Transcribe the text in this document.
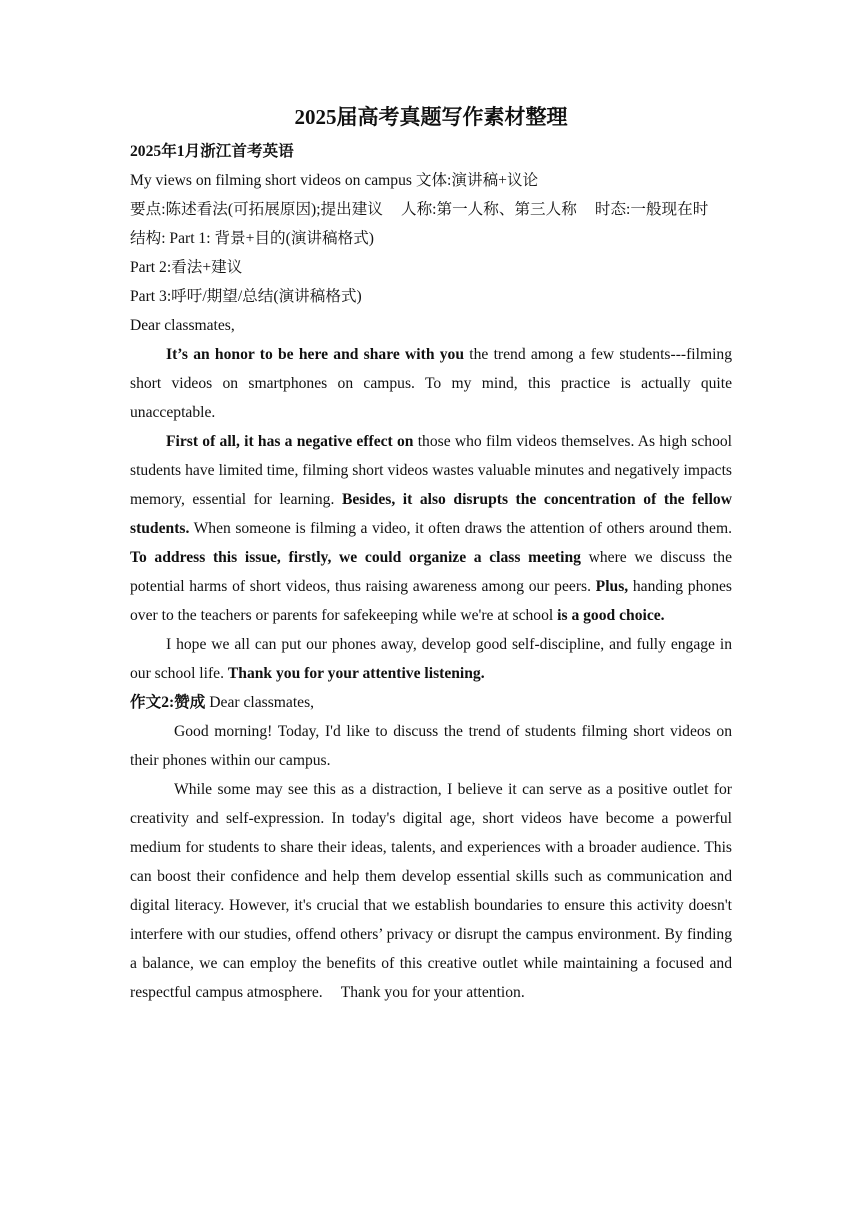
2025届高考真题写作素材整理

2025年1月浙江首考英语

My views on filming short videos on campus 文体:演讲稿+议论

要点:陈述看法(可拓展原因);提出建议 人称:第一人称、第三人称 时态:一般现在时

结构: Part 1: 背景+目的(演讲稿格式)

Part 2:看法+建议

Part 3:呼吁/期望/总结(演讲稿格式)

Dear classmates,

It’s an honor to be here and share with you the trend among a few students---filming short videos on smartphones on campus. To my mind, this practice is actually quite unacceptable.

First of all, it has a negative effect on those who film videos themselves. As high school students have limited time, filming short videos wastes valuable minutes and negatively impacts memory, essential for learning. Besides, it also disrupts the concentration of the fellow students. When someone is filming a video, it often draws the attention of others around them. To address this issue, firstly, we could organize a class meeting where we discuss the potential harms of short videos, thus raising awareness among our peers. Plus, handing phones over to the teachers or parents for safekeeping while we're at school is a good choice.

I hope we all can put our phones away, develop good self-discipline, and fully engage in our school life. Thank you for your attentive listening.

作文2:赞成 Dear classmates,

Good morning! Today, I'd like to discuss the trend of students filming short videos on their phones within our campus.

While some may see this as a distraction, I believe it can serve as a positive outlet for creativity and self-expression. In today's digital age, short videos have become a powerful medium for students to share their ideas, talents, and experiences with a broader audience. This can boost their confidence and help them develop essential skills such as communication and digital literacy. However, it's crucial that we establish boundaries to ensure this activity doesn't interfere with our studies, offend others’ privacy or disrupt the campus environment. By finding a balance, we can employ the benefits of this creative outlet while maintaining a focused and respectful campus atmosphere. Thank you for your attention.
